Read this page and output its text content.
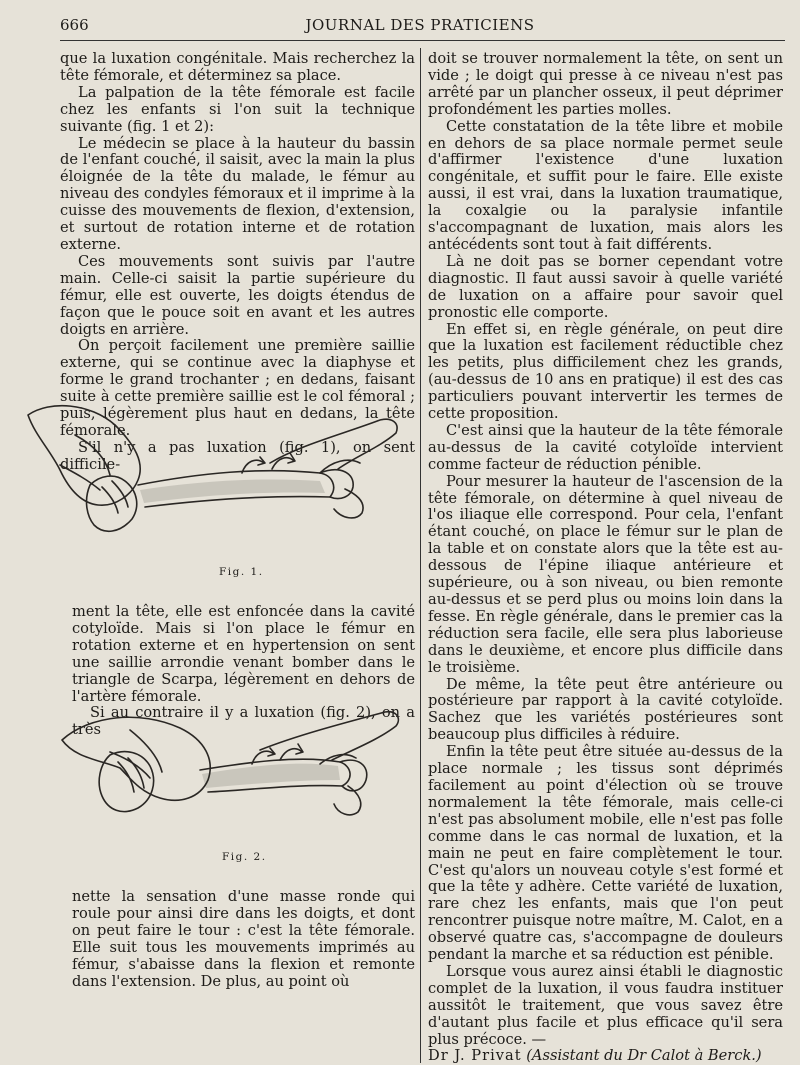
666	JOURNAL DES PRATICIENS

que la luxation congénitale. Mais recherchez la tête fémorale, et déterminez sa place.

La palpation de la tête fémorale est facile chez les enfants si l'on suit la technique suivante (fig. 1 et 2):

Le médecin se place à la hauteur du bassin de l'enfant couché, il saisit, avec la main la plus éloignée de la tête du malade, le fémur au niveau des condyles fémoraux et il imprime à la cuisse des mouvements de flexion, d'extension, et surtout de rotation interne et de rotation externe.

Ces mouvements sont suivis par l'autre main. Celle-ci saisit la partie supérieure du fémur, elle est ouverte, les doigts étendus de façon que le pouce soit en avant et les autres doigts en arrière.

On perçoit facilement une première saillie externe, qui se continue avec la diaphyse et forme le grand trochanter ; en dedans, faisant suite à cette première saillie est le col fémoral ; puis, légèrement plus haut en dedans, la tête fémorale.

S'il n'y a pas luxation (fig. 1), on sent difficile-

Fig. 1.

ment la tête, elle est enfoncée dans la cavité cotyloïde. Mais si l'on place le fémur en rotation externe et en hypertension on sent une saillie arrondie venant bomber dans le triangle de Scarpa, légèrement en dehors de l'artère fémorale.

Si au contraire il y a luxation (fig. 2), on a très

Fig. 2.

nette la sensation d'une masse ronde qui roule pour ainsi dire dans les doigts, et dont on peut faire le tour : c'est la tête fémorale. Elle suit tous les mouvements imprimés au fémur, s'abaisse dans la flexion et remonte dans l'extension. De plus, au point où

doit se trouver normalement la tête, on sent un vide ; le doigt qui presse à ce niveau n'est pas arrêté par un plancher osseux, il peut déprimer profondément les parties molles.

Cette constatation de la tête libre et mobile en dehors de sa place normale permet seule d'affirmer l'existence d'une luxation congénitale, et suffit pour le faire. Elle existe aussi, il est vrai, dans la luxation traumatique, la coxalgie ou la paralysie infantile s'accompagnant de luxation, mais alors les antécédents sont tout à fait différents.

Là ne doit pas se borner cependant votre diagnostic. Il faut aussi savoir à quelle variété de luxation on a affaire pour savoir quel pronostic elle comporte.

En effet si, en règle générale, on peut dire que la luxation est facilement réductible chez les petits, plus difficilement chez les grands, (au-dessus de 10 ans en pratique) il est des cas particuliers pouvant intervertir les termes de cette proposition.

C'est ainsi que la hauteur de la tête fémorale au-dessus de la cavité cotyloïde intervient comme facteur de réduction pénible.

Pour mesurer la hauteur de l'ascension de la tête fémorale, on détermine à quel niveau de l'os iliaque elle correspond. Pour cela, l'enfant étant couché, on place le fémur sur le plan de la table et on constate alors que la tête est au-dessous de l'épine iliaque antérieure et supérieure, ou à son niveau, ou bien remonte au-dessus et se perd plus ou moins loin dans la fesse. En règle générale, dans le premier cas la réduction sera facile, elle sera plus laborieuse dans le deuxième, et encore plus difficile dans le troisième.

De même, la tête peut être antérieure ou postérieure par rapport à la cavité cotyloïde. Sachez que les variétés postérieures sont beaucoup plus difficiles à réduire.

Enfin la tête peut être située au-dessus de la place normale ; les tissus sont déprimés facilement au point d'élection où se trouve normalement la tête fémorale, mais celle-ci n'est pas absolument mobile, elle n'est pas folle comme dans le cas normal de luxation, et la main ne peut en faire complètement le tour. C'est qu'alors un nouveau cotyle s'est formé et que la tête y adhère. Cette variété de luxation, rare chez les enfants, mais que l'on peut rencontrer puisque notre maître, M. Calot, en a observé quatre cas, s'accompagne de douleurs pendant la marche et sa réduction est pénible.

Lorsque vous aurez ainsi établi le diagnostic complet de la luxation, il vous faudra instituer aussitôt le traitement, que vous savez être d'autant plus facile et plus efficace qu'il sera plus précoce. —

Dr J. Privat (Assistant du Dr Calot à Berck.)
